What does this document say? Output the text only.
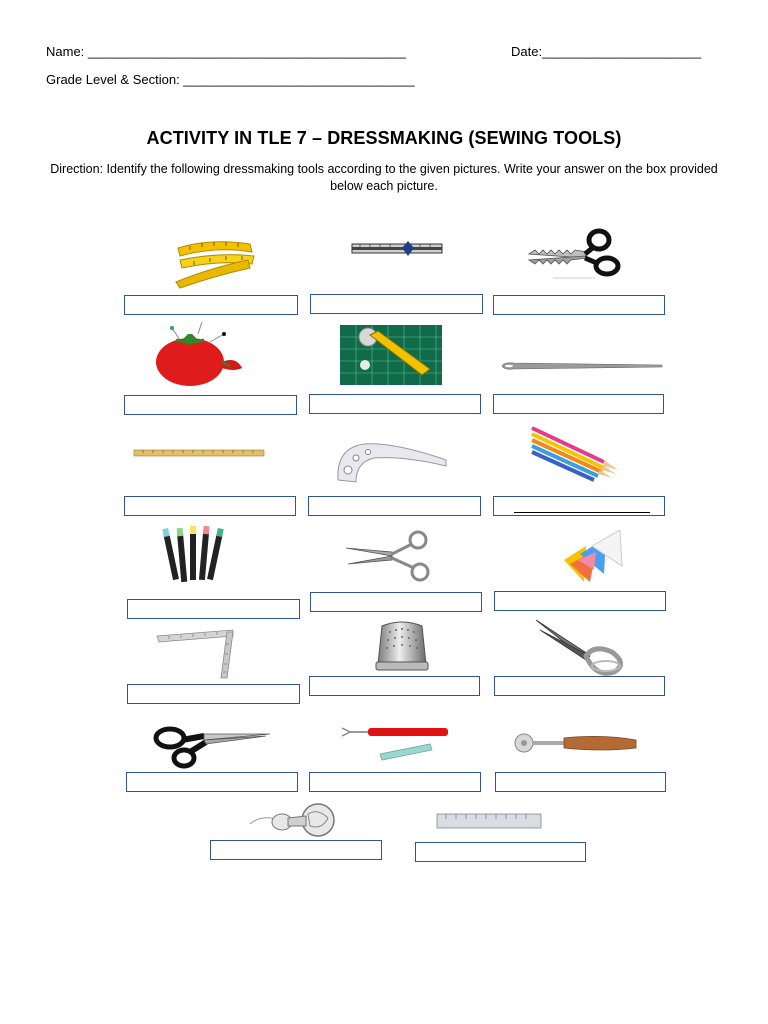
Name: ____________________________________________	Date:______________________
Grade Level & Section: ________________________________
ACTIVITY IN TLE 7 – DRESSMAKING (SEWING TOOLS)
Direction: Identify the following dressmaking tools according to the given pictures. Write your answer on the box provided below each picture.
